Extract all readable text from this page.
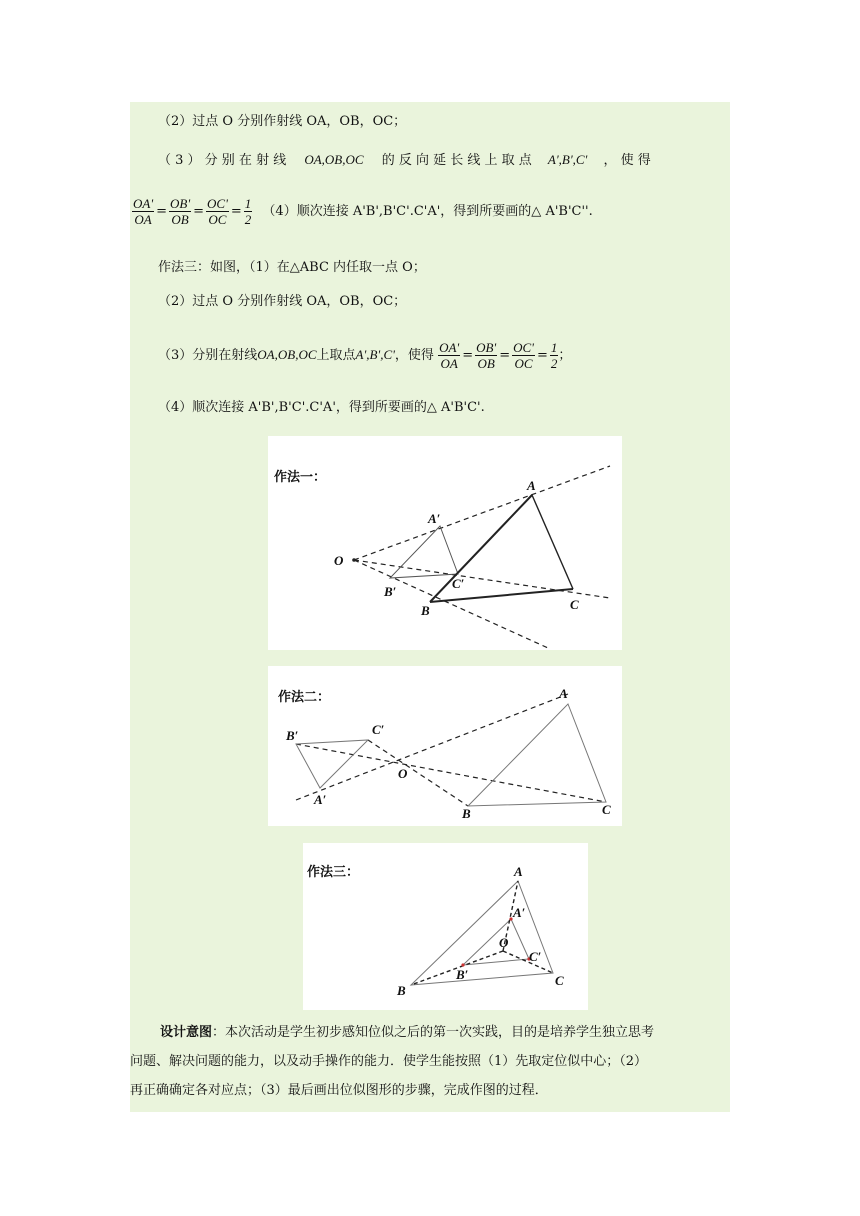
（2）过点 O 分别作射线 OA，OB，OC；
（ 3 ） 分 别 在 射 线 OA,OB,OC 的 反 向 延 长 线 上 取 点 A',B',C' ， 使 得
$\frac{OA'}{OA} = \frac{OB'}{OB} = \frac{OC'}{OC} = \frac{1}{2} (4)$顺次连接 A'B',B'C'.C'A'，得到所要画的△ A'B'C''.
作法三：如图，（1）在△ABC 内任取一点 O；
（2）过点 O 分别作射线 OA，OB，OC；
（3）分别在射线OA,OB,OC上取点A',B',C'，使得 $\frac{OA'}{OA} = \frac{OB'}{OB} = \frac{OC'}{OC} = \frac{1}{2}$ ；
（4）顺次连接 A'B',B'C'.C'A'，得到所要画的△ A'B'C'.
作法一：
O
A
B	C
A′
B′
C′
作法二：
O
A
B	C
A′
B′	C′
作法三：
O
A
B
C
A′
B′
C′
设计意图：本次活动是学生初步感知位似之后的第一次实践，目的是培养学生独立思考
问题、解决问题的能力，以及动手操作的能力．使学生能按照（1）先取定位似中心；（2）
再正确确定各对应点；（3）最后画出位似图形的步骤，完成作图的过程．
